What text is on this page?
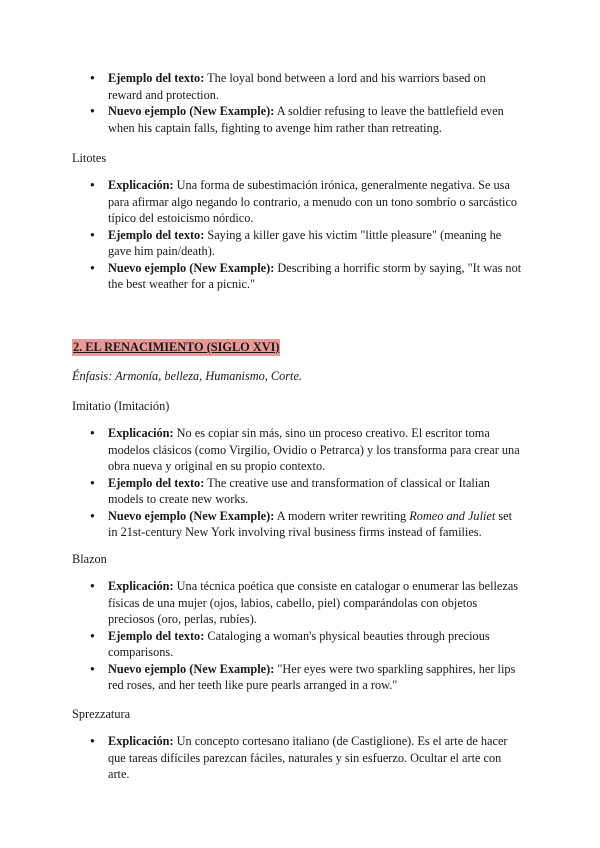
● Ejemplo del texto: The loyal bond between a lord and his warriors based on reward and protection.
● Nuevo ejemplo (New Example): A soldier refusing to leave the battlefield even when his captain falls, fighting to avenge him rather than retreating.

Litotes

● Explicación: Una forma de subestimación irónica, generalmente negativa. Se usa para afirmar algo negando lo contrario, a menudo con un tono sombrío o sarcástico típico del estoicismo nórdico.
● Ejemplo del texto: Saying a killer gave his victim "little pleasure" (meaning he gave him pain/death).
● Nuevo ejemplo (New Example): Describing a horrific storm by saying, "It was not the best weather for a picnic."

2. EL RENACIMIENTO (SIGLO XVI)

Énfasis: Armonía, belleza, Humanismo, Corte.

Imitatio (Imitación)

● Explicación: No es copiar sin más, sino un proceso creativo. El escritor toma modelos clásicos (como Virgilio, Ovidio o Petrarca) y los transforma para crear una obra nueva y original en su propio contexto.
● Ejemplo del texto: The creative use and transformation of classical or Italian models to create new works.
● Nuevo ejemplo (New Example): A modern writer rewriting Romeo and Juliet set in 21st-century New York involving rival business firms instead of families.

Blazon

● Explicación: Una técnica poética que consiste en catalogar o enumerar las bellezas físicas de una mujer (ojos, labios, cabello, piel) comparándolas con objetos preciosos (oro, perlas, rubíes).
● Ejemplo del texto: Cataloging a woman's physical beauties through precious comparisons.
● Nuevo ejemplo (New Example): "Her eyes were two sparkling sapphires, her lips red roses, and her teeth like pure pearls arranged in a row."

Sprezzatura

● Explicación: Un concepto cortesano italiano (de Castiglione). Es el arte de hacer que tareas difíciles parezcan fáciles, naturales y sin esfuerzo. Ocultar el arte con arte.
